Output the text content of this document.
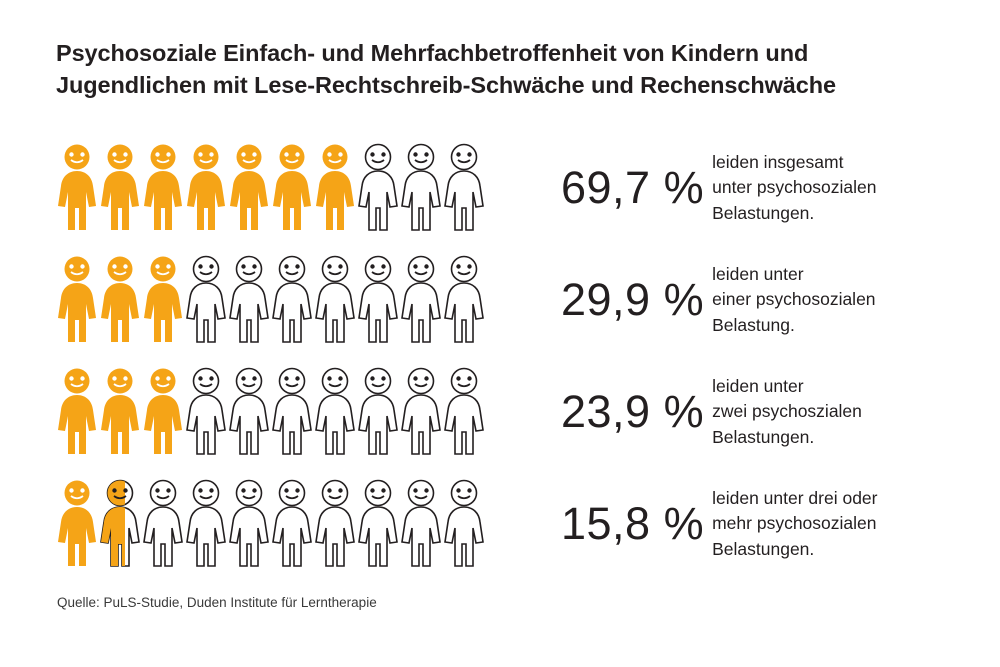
Psychosoziale Einfach- und Mehrfachbetroffenheit von Kindern und Jugendlichen mit Lese-Rechtschreib-Schwäche und Rechenschwäche
69,7 %
leiden insgesamt
unter psychosozialen
Belastungen.
29,9 %
leiden unter
einer psychosozialen
Belastung.
23,9 %
leiden unter
zwei psychoszialen
Belastungen.
15,8 %
leiden unter drei oder
mehr psychosozialen
Belastungen.
Quelle: PuLS-Studie, Duden Institute für Lerntherapie
